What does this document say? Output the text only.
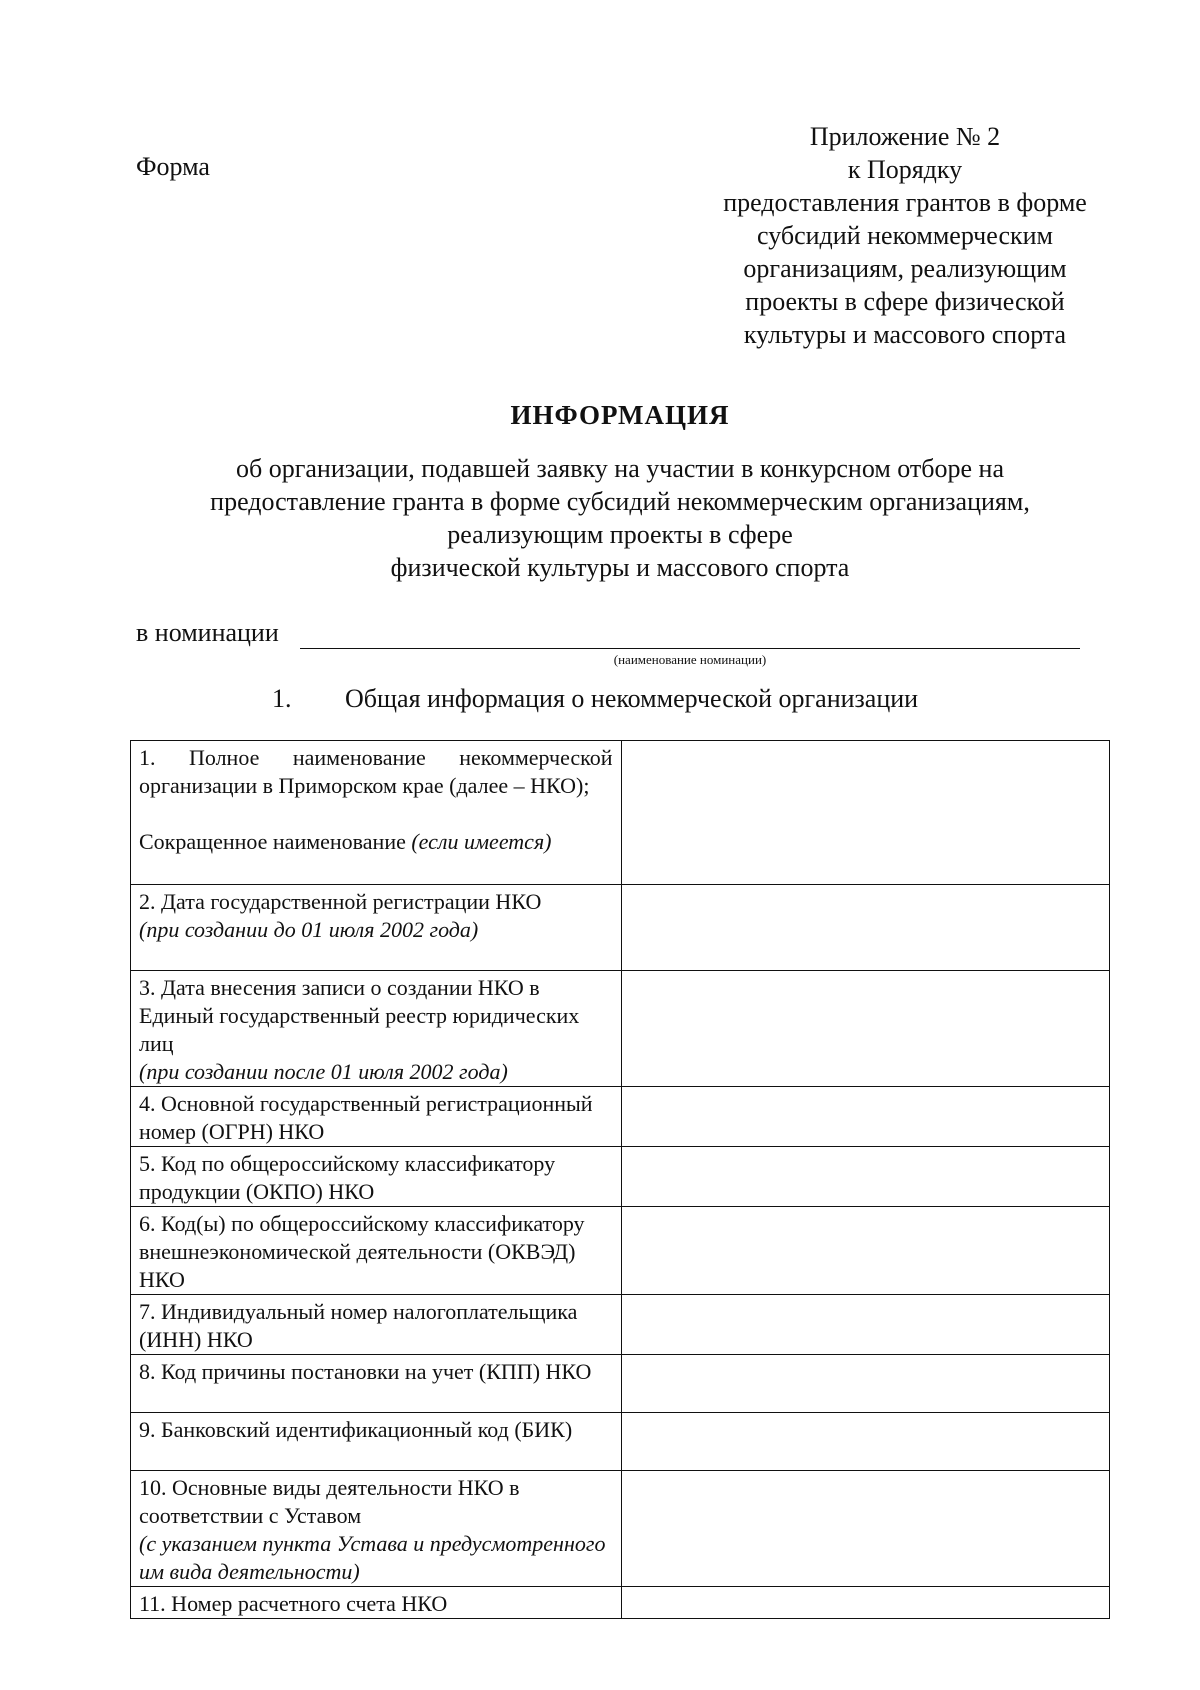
Форма
Приложение № 2
к Порядку
предоставления грантов в форме
субсидий некоммерческим
организациям, реализующим
проекты в сфере физической
культуры и массового спорта
ИНФОРМАЦИЯ
об организации, подавшей заявку на участии в конкурсном отборе на
предоставление гранта в форме субсидий некоммерческим организациям,
реализующим проекты в сфере
физической культуры и массового спорта
в номинации
(наименование номинации)
1. Общая информация о некоммерческой организации
1. Полное наименование некоммерческой организации в Приморском крае (далее – НКО);
Сокращенное наименование (если имеется)	

2. Дата государственной регистрации НКО
(при создании до 01 июля 2002 года)	

3. Дата внесения записи о создании НКО в Единый государственный реестр юридических лиц
(при создании после 01 июля 2002 года)	

4. Основной государственный регистрационный номер (ОГРН) НКО	

5. Код по общероссийскому классификатору продукции (ОКПО) НКО	

6. Код(ы) по общероссийскому классификатору внешнеэкономической деятельности (ОКВЭД) НКО	

7. Индивидуальный номер налогоплательщика (ИНН) НКО	

8. Код причины постановки на учет (КПП) НКО	

9. Банковский идентификационный код (БИК)	

10. Основные виды деятельности НКО в соответствии с Уставом
(с указанием пункта Устава и предусмотренного им вида деятельности)	

11. Номер расчетного счета НКО	
